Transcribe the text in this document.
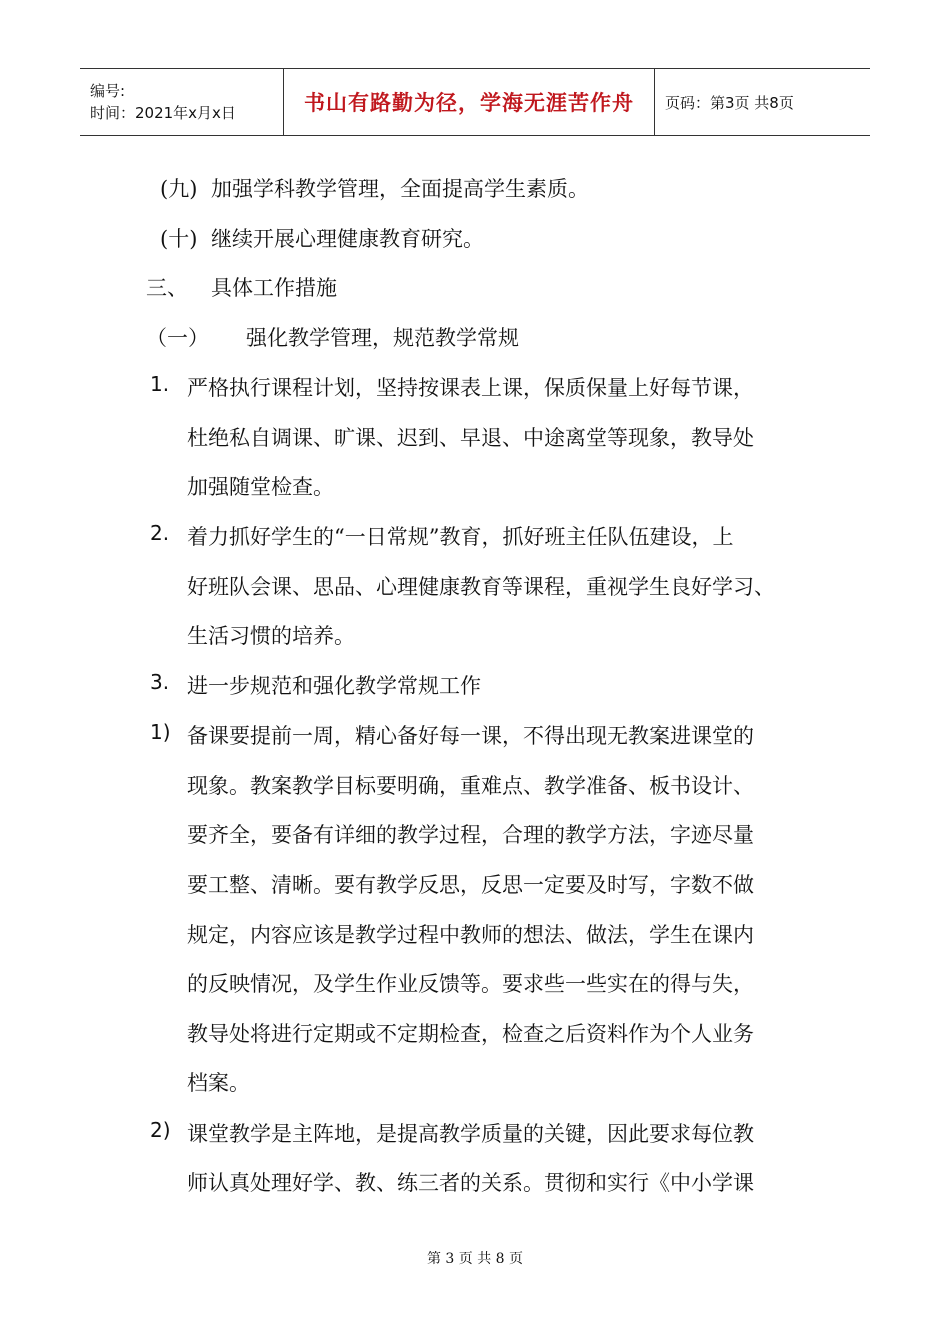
编号:
时间：2021年x月x日	书山有路勤为径，学海无涯苦作舟 页码：第3页 共8页
(九) 加强学科教学管理，全面提高学生素质。
(十) 继续开展心理健康教育研究。
三、 具体工作措施
（一） 强化教学管理，规范教学常规
1. 严格执行课程计划，坚持按课表上课，保质保量上好每节课，
杜绝私自调课、旷课、迟到、早退、中途离堂等现象，教导处
加强随堂检查。
2. 着力抓好学生的“一日常规”教育，抓好班主任队伍建设，上
好班队会课、思品、心理健康教育等课程，重视学生良好学习、
生活习惯的培养。
3. 进一步规范和强化教学常规工作
1) 备课要提前一周，精心备好每一课，不得出现无教案进课堂的
现象。教案教学目标要明确，重难点、教学准备、板书设计、
要齐全，要备有详细的教学过程，合理的教学方法，字迹尽量
要工整、清晰。要有教学反思，反思一定要及时写，字数不做
规定，内容应该是教学过程中教师的想法、做法，学生在课内
的反映情况，及学生作业反馈等。要求些一些实在的得与失，
教导处将进行定期或不定期检查，检查之后资料作为个人业务
档案。
2) 课堂教学是主阵地，是提高教学质量的关键，因此要求每位教
师认真处理好学、教、练三者的关系。贯彻和实行《中小学课
第 3 页 共 8 页
